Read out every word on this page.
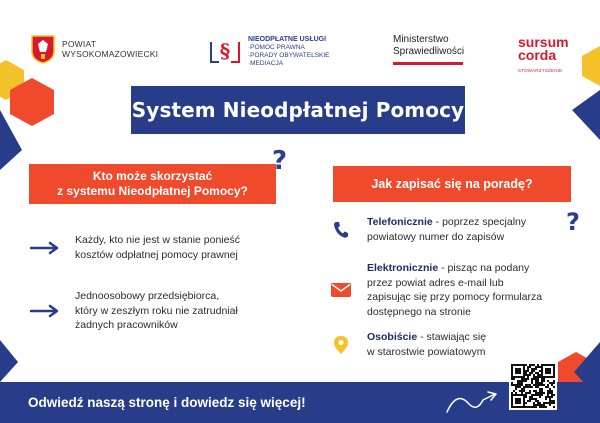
POWIAT
WYSOKOMAZOWIECKI	§	NIEODPŁATNE USŁUGI
·POMOC PRAWNA
·PORADY OBYWATELSKIE
·MEDIACJA
Ministerstwo
Sprawiedliwości
sursum
corda
STOWARZYSZENIE
System Nieodpłatnej Pomocy
Kto może skorzystać
z systemu Nieodpłatnej Pomocy?
?
Każdy, kto nie jest w stanie ponieść
kosztów odpłatnej pomocy prawnej
Jednoosobowy przedsiębiorca,
który w zeszłym roku nie zatrudniał
żadnych pracowników
Jak zapisać się na poradę?
?
Telefonicznie - poprzez specjalny
powiatowy numer do zapisów
Elektronicznie - pisząc na podany
przez powiat adres e-mail lub
zapisując się przy pomocy formularza
dostępnego na stronie
Osobiście - stawiając się
w starostwie powiatowym
Odwiedź naszą stronę i dowiedz się więcej!
